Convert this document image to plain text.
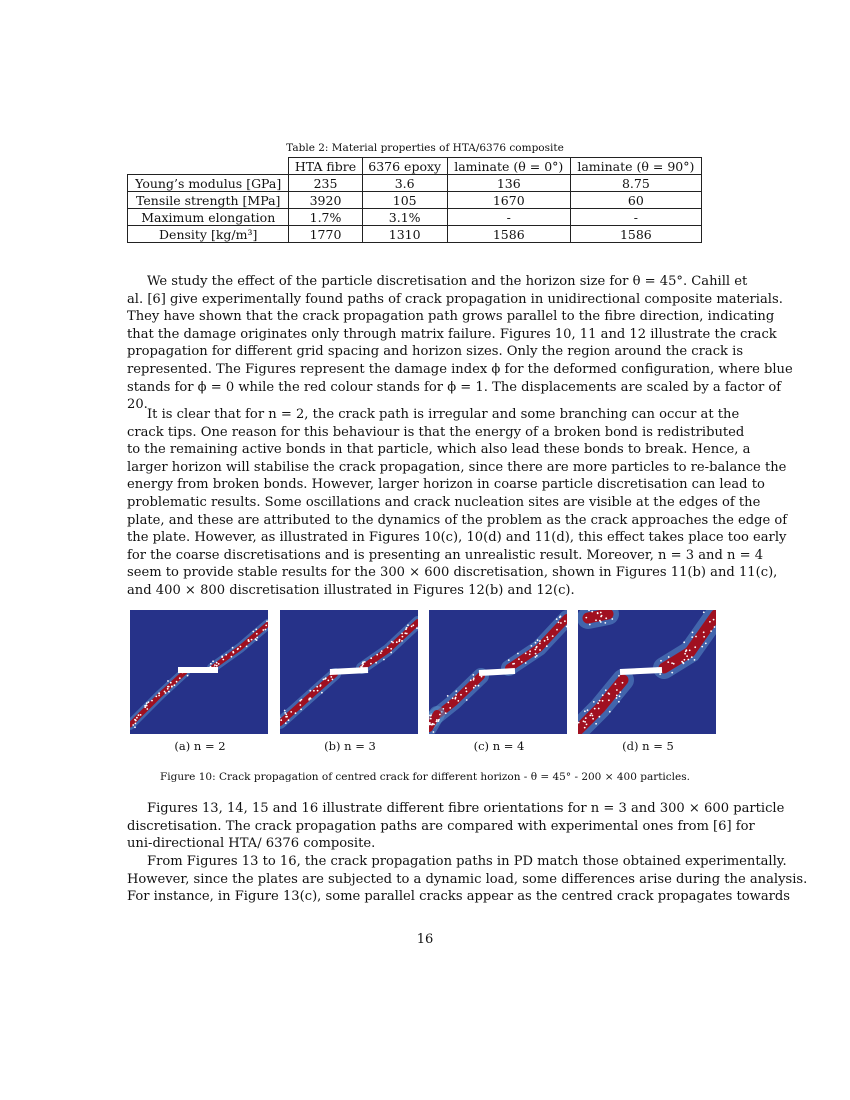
Table 2: Material properties of HTA/6376 composite
	HTA fibre	6376 epoxy	laminate (θ = 0°)	laminate (θ = 90°)
Young’s modulus [GPa]	235	3.6	136	8.75
Tensile strength [MPa]	3920	105	1670	60
Maximum elongation	1.7%	3.1%	-	-
Density [kg/m³]	1770	1310	1586	1586
We study the effect of the particle discretisation and the horizon size for θ = 45°. Cahill et
al. [6] give experimentally found paths of crack propagation in unidirectional composite materials.
They have shown that the crack propagation path grows parallel to the fibre direction, indicating
that the damage originates only through matrix failure. Figures 10, 11 and 12 illustrate the crack
propagation for different grid spacing and horizon sizes. Only the region around the crack is
represented. The Figures represent the damage index ϕ for the deformed configuration, where blue
stands for ϕ = 0 while the red colour stands for ϕ = 1. The displacements are scaled by a factor of
20.
It is clear that for n = 2, the crack path is irregular and some branching can occur at the
crack tips. One reason for this behaviour is that the energy of a broken bond is redistributed
to the remaining active bonds in that particle, which also lead these bonds to break. Hence, a
larger horizon will stabilise the crack propagation, since there are more particles to re-balance the
energy from broken bonds. However, larger horizon in coarse particle discretisation can lead to
problematic results. Some oscillations and crack nucleation sites are visible at the edges of the
plate, and these are attributed to the dynamics of the problem as the crack approaches the edge of
the plate. However, as illustrated in Figures 10(c), 10(d) and 11(d), this effect takes place too early
for the coarse discretisations and is presenting an unrealistic result. Moreover, n = 3 and n = 4
seem to provide stable results for the 300 × 600 discretisation, shown in Figures 11(b) and 11(c),
and 400 × 800 discretisation illustrated in Figures 12(b) and 12(c).
(a) n = 2	(b) n = 3	(c) n = 4	(d) n = 5
Figure 10: Crack propagation of centred crack for different horizon - θ = 45° - 200 × 400 particles.
Figures 13, 14, 15 and 16 illustrate different fibre orientations for n = 3 and 300 × 600 particle
discretisation. The crack propagation paths are compared with experimental ones from [6] for
uni-directional HTA/ 6376 composite.
From Figures 13 to 16, the crack propagation paths in PD match those obtained experimentally.
However, since the plates are subjected to a dynamic load, some differences arise during the analysis.
For instance, in Figure 13(c), some parallel cracks appear as the centred crack propagates towards
16
